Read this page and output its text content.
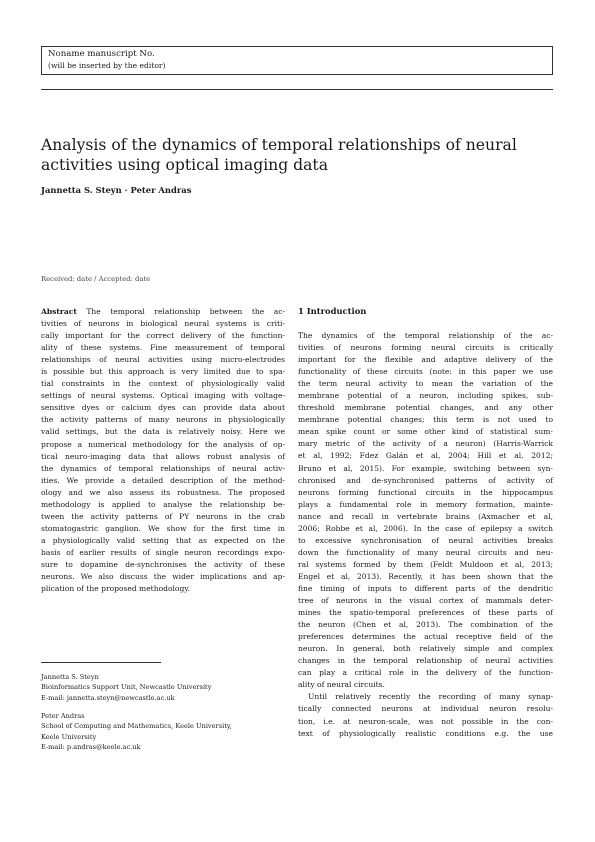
Noname manuscript No.
(will be inserted by the editor)
Analysis of the dynamics of temporal relationships of neural activities using optical imaging data
Jannetta S. Steyn · Peter Andras
Received: date / Accepted: date
Abstract The temporal relationship between the ac-
tivities of neurons in biological neural systems is criti-
cally important for the correct delivery of the function-
ality of these systems. Fine measurement of temporal
relationships of neural activities using micro-electrodes
is possible but this approach is very limited due to spa-
tial constraints in the context of physiologically valid
settings of neural systems. Optical imaging with voltage-
sensitive dyes or calcium dyes can provide data about
the activity patterns of many neurons in physiologically
valid settings, but the data is relatively noisy. Here we
propose a numerical methodology for the analysis of op-
tical neuro-imaging data that allows robust analysis of
the dynamics of temporal relationships of neural activ-
ities. We provide a detailed description of the method-
ology and we also assess its robustness. The proposed
methodology is applied to analyse the relationship be-
tween the activity patterns of PY neurons in the crab
stomatogastric ganglion. We show for the first time in
a physiologically valid setting that as expected on the
basis of earlier results of single neuron recordings expo-
sure to dopamine de-synchronises the activity of these
neurons. We also discuss the wider implications and ap-
plication of the proposed methodology.
1 Introduction
The dynamics of the temporal relationship of the ac-
tivities of neurons forming neural circuits is critically
important for the flexible and adaptive delivery of the
functionality of these circuits (note: in this paper we use
the term neural activity to mean the variation of the
membrane potential of a neuron, including spikes, sub-
threshold membrane potential changes, and any other
membrane potential changes; this term is not used to
mean spike count or some other kind of statistical sum-
mary metric of the activity of a neuron) (Harris-Warrick
et al, 1992; Fdez Galán et al, 2004; Hill et al, 2012;
Bruno et al, 2015). For example, switching between syn-
chronised and de-synchronised patterns of activity of
neurons forming functional circuits in the hippocampus
plays a fundamental role in memory formation, mainte-
nance and recall in vertebrate brains (Axmacher et al,
2006; Robbe et al, 2006). In the case of epilepsy a switch
to excessive synchronisation of neural activities breaks
down the functionality of many neural circuits and neu-
ral systems formed by them (Feldt Muldoon et al, 2013;
Engel et al, 2013). Recently, it has been shown that the
fine timing of inputs to different parts of the dendritic
tree of neurons in the visual cortex of mammals deter-
mines the spatio-temporal preferences of these parts of
the neuron (Chen et al, 2013). The combination of the
preferences determines the actual receptive field of the
neuron. In general, both relatively simple and complex
changes in the temporal relationship of neural activities
can play a critical role in the delivery of the function-
ality of neural circuits.
Until relatively recently the recording of many synap-
tically connected neurons at individual neuron resolu-
tion, i.e. at neuron-scale, was not possible in the con-
text of physiologically realistic conditions e.g. the use
Jannetta S. Steyn
Bioinformatics Support Unit, Newcastle University
E-mail: jannetta.steyn@newcastle.ac.uk
Peter Andras
School of Computing and Mathematics, Keele University,
Keele University
E-mail: p.andras@keele.ac.uk
